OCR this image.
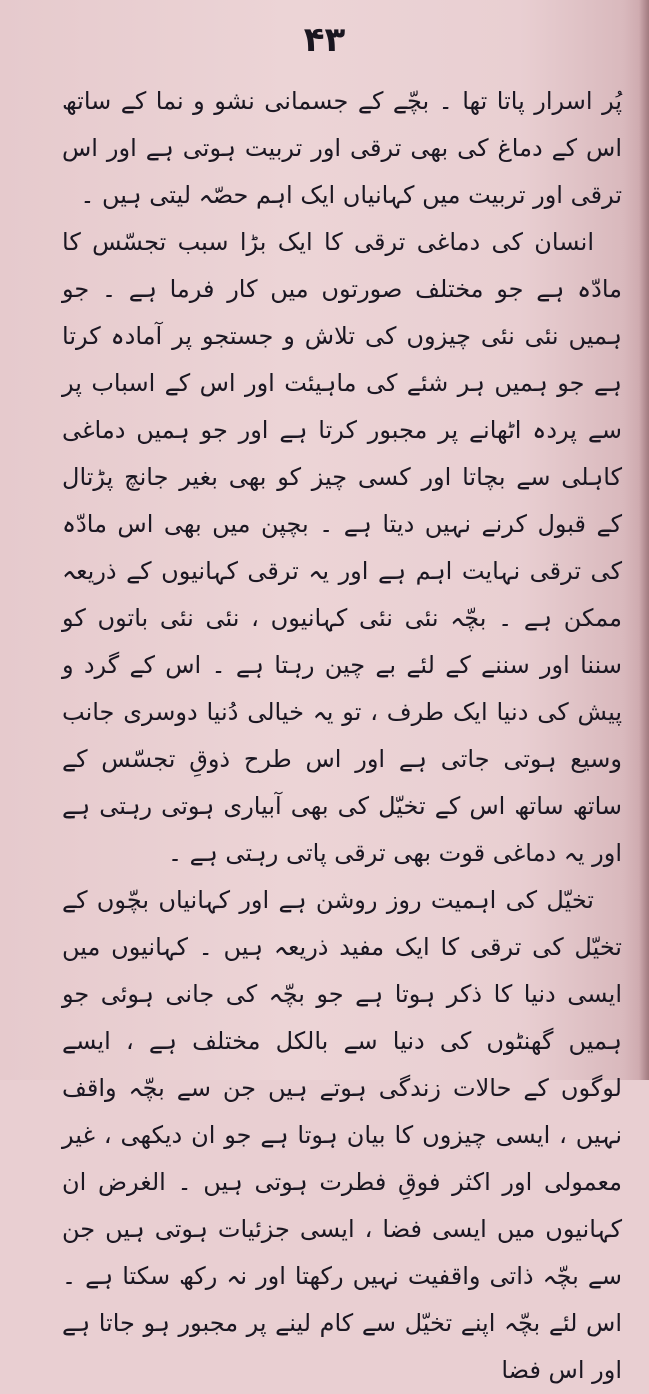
۴۳

پُر اسرار پاتا تھا ۔ بچّے کے جسمانی نشو و نما کے ساتھ اس کے دماغ کی بھی ترقی اور تربیت ہوتی ہے اور اس ترقی اور تربیت میں کہانیاں ایک اہم حصّہ لیتی ہیں ۔

انسان کی دماغی ترقی کا ایک بڑا سبب تجسّس کا مادّہ ہے جو مختلف صورتوں میں کار فرما ہے ۔ جو ہمیں نئی نئی چیزوں کی تلاش و جستجو پر آمادہ کرتا ہے جو ہمیں ہر شئے کی ماہیئت اور اس کے اسباب پر سے پردہ اٹھانے پر مجبور کرتا ہے اور جو ہمیں دماغی کاہلی سے بچاتا اور کسی چیز کو بھی بغیر جانچ پڑتال کے قبول کرنے نہیں دیتا ہے ۔ بچپن میں بھی اس مادّہ کی ترقی نہایت اہم ہے اور یہ ترقی کہانیوں کے ذریعہ ممکن ہے ۔ بچّہ نئی نئی کہانیوں ، نئی نئی باتوں کو سننا اور سننے کے لئے بے چین رہتا ہے ۔ اس کے گرد و پیش کی دنیا ایک طرف ، تو یہ خیالی دُنیا دوسری جانب وسیع ہوتی جاتی ہے اور اس طرح ذوقِ تجسّس کے ساتھ ساتھ اس کے تخیّل کی بھی آبیاری ہوتی رہتی ہے اور یہ دماغی قوت بھی ترقی پاتی رہتی ہے ۔

تخیّل کی اہمیت روز روشن ہے اور کہانیاں بچّوں کے تخیّل کی ترقی کا ایک مفید ذریعہ ہیں ۔ کہانیوں میں ایسی دنیا کا ذکر ہوتا ہے جو بچّہ کی جانی ہوئی جو ہمیں گھنٹوں کی دنیا سے بالکل مختلف ہے ، ایسے لوگوں کے حالات زندگی ہوتے ہیں جن سے بچّہ واقف نہیں ، ایسی چیزوں کا بیان ہوتا ہے جو ان دیکھی ، غیر معمولی اور اکثر فوقِ فطرت ہوتی ہیں ۔ الغرض ان کہانیوں میں ایسی فضا ، ایسی جزئیات ہوتی ہیں جن سے بچّہ ذاتی واقفیت نہیں رکھتا اور نہ رکھ سکتا ہے ۔ اس لئے بچّہ اپنے تخیّل سے کام لینے پر مجبور ہو جاتا ہے اور اس فضا
